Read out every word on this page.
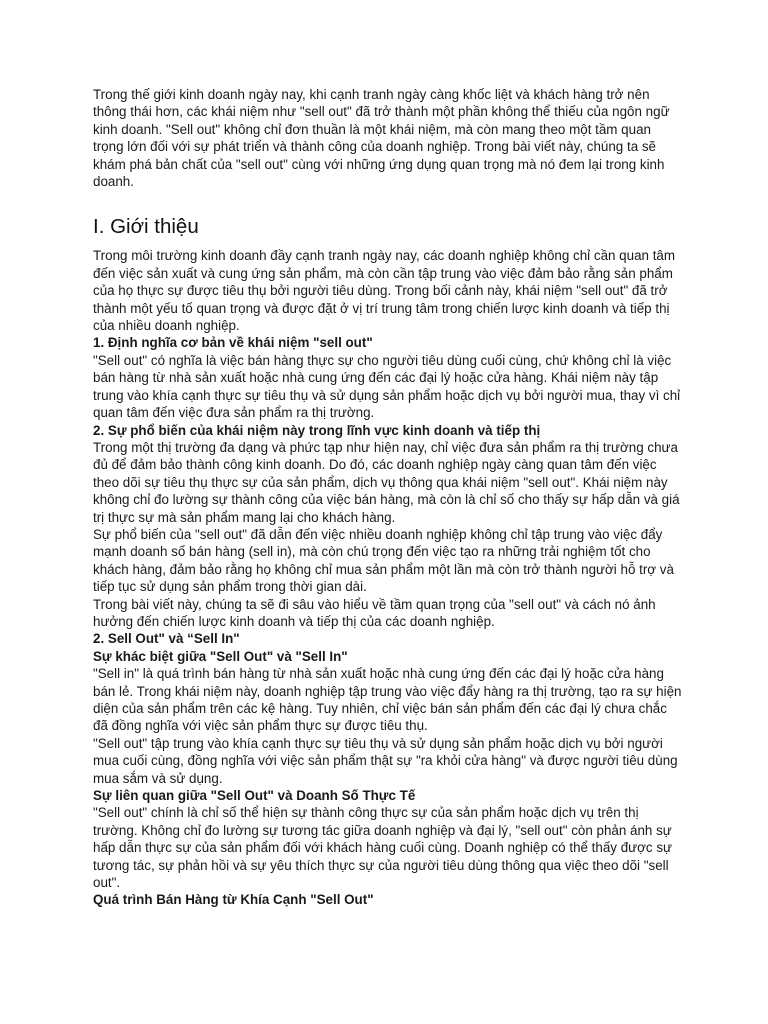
Trong thế giới kinh doanh ngày nay, khi cạnh tranh ngày càng khốc liệt và khách hàng trở nên thông thái hơn, các khái niệm như "sell out" đã trở thành một phần không thể thiếu của ngôn ngữ kinh doanh. "Sell out" không chỉ đơn thuần là một khái niệm, mà còn mang theo một tầm quan trọng lớn đối với sự phát triển và thành công của doanh nghiệp. Trong bài viết này, chúng ta sẽ khám phá bản chất của "sell out" cùng với những ứng dụng quan trọng mà nó đem lại trong kinh doanh.

I. Giới thiệu

Trong môi trường kinh doanh đầy cạnh tranh ngày nay, các doanh nghiệp không chỉ cần quan tâm đến việc sản xuất và cung ứng sản phẩm, mà còn cần tập trung vào việc đảm bảo rằng sản phẩm của họ thực sự được tiêu thụ bởi người tiêu dùng. Trong bối cảnh này, khái niệm "sell out" đã trở thành một yếu tố quan trọng và được đặt ở vị trí trung tâm trong chiến lược kinh doanh và tiếp thị của nhiều doanh nghiệp.

1. Định nghĩa cơ bản về khái niệm "sell out"

"Sell out" có nghĩa là việc bán hàng thực sự cho người tiêu dùng cuối cùng, chứ không chỉ là việc bán hàng từ nhà sản xuất hoặc nhà cung ứng đến các đại lý hoặc cửa hàng. Khái niệm này tập trung vào khía cạnh thực sự tiêu thụ và sử dụng sản phẩm hoặc dịch vụ bởi người mua, thay vì chỉ quan tâm đến việc đưa sản phẩm ra thị trường.

2. Sự phổ biến của khái niệm này trong lĩnh vực kinh doanh và tiếp thị

Trong một thị trường đa dạng và phức tạp như hiện nay, chỉ việc đưa sản phẩm ra thị trường chưa đủ để đảm bảo thành công kinh doanh. Do đó, các doanh nghiệp ngày càng quan tâm đến việc theo dõi sự tiêu thụ thực sự của sản phẩm, dịch vụ thông qua khái niệm "sell out". Khái niệm này không chỉ đo lường sự thành công của việc bán hàng, mà còn là chỉ số cho thấy sự hấp dẫn và giá trị thực sự mà sản phẩm mang lại cho khách hàng.

Sự phổ biến của "sell out" đã dẫn đến việc nhiều doanh nghiệp không chỉ tập trung vào việc đẩy mạnh doanh số bán hàng (sell in), mà còn chú trọng đến việc tạo ra những trải nghiệm tốt cho khách hàng, đảm bảo rằng họ không chỉ mua sản phẩm một lần mà còn trở thành người hỗ trợ và tiếp tục sử dụng sản phẩm trong thời gian dài.

Trong bài viết này, chúng ta sẽ đi sâu vào hiểu về tầm quan trọng của "sell out" và cách nó ảnh hưởng đến chiến lược kinh doanh và tiếp thị của các doanh nghiệp.

2. Sell Out" và “Sell In"

Sự khác biệt giữa "Sell Out" và "Sell In"

"Sell in" là quá trình bán hàng từ nhà sản xuất hoặc nhà cung ứng đến các đại lý hoặc cửa hàng bán lẻ. Trong khái niệm này, doanh nghiệp tập trung vào việc đẩy hàng ra thị trường, tạo ra sự hiện diện của sản phẩm trên các kệ hàng. Tuy nhiên, chỉ việc bán sản phẩm đến các đại lý chưa chắc đã đồng nghĩa với việc sản phẩm thực sự được tiêu thụ.

"Sell out" tập trung vào khía cạnh thực sự tiêu thụ và sử dụng sản phẩm hoặc dịch vụ bởi người mua cuối cùng, đồng nghĩa với việc sản phẩm thật sự "ra khỏi cửa hàng" và được người tiêu dùng mua sắm và sử dụng.

Sự liên quan giữa "Sell Out" và Doanh Số Thực Tế

"Sell out" chính là chỉ số thể hiện sự thành công thực sự của sản phẩm hoặc dịch vụ trên thị trường. Không chỉ đo lường sự tương tác giữa doanh nghiệp và đại lý, "sell out" còn phản ánh sự hấp dẫn thực sự của sản phẩm đối với khách hàng cuối cùng. Doanh nghiệp có thể thấy được sự tương tác, sự phản hồi và sự yêu thích thực sự của người tiêu dùng thông qua việc theo dõi "sell out".

Quá trình Bán Hàng từ Khía Cạnh "Sell Out"
